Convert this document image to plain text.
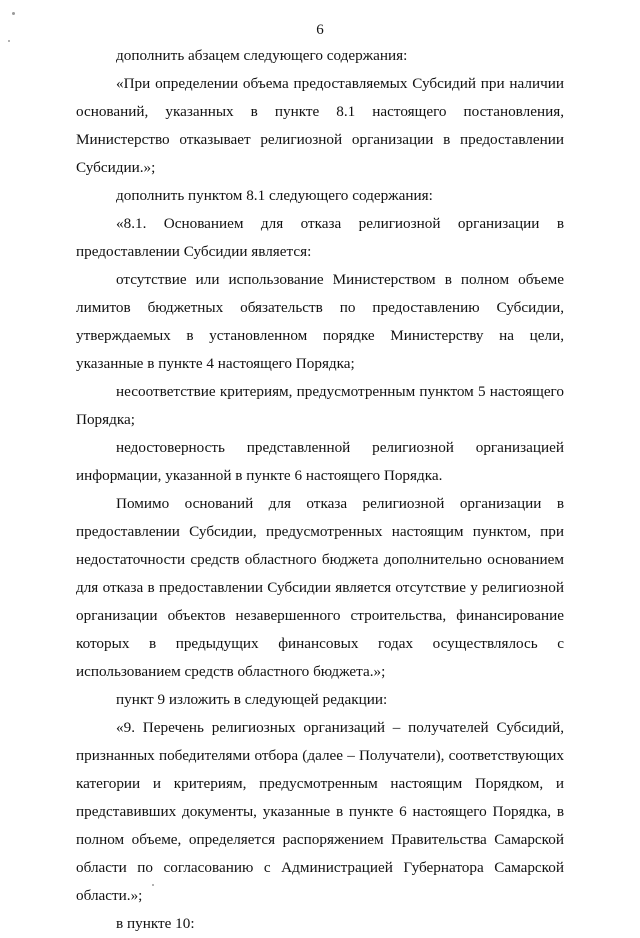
6

дополнить абзацем следующего содержания:

«При определении объема предоставляемых Субсидий при наличии оснований, указанных в пункте 8.1 настоящего постановления, Министерство отказывает религиозной организации в предоставлении Субсидии.»;

дополнить пунктом 8.1 следующего содержания:

«8.1. Основанием для отказа религиозной организации в предоставлении Субсидии является:

отсутствие или использование Министерством в полном объеме лимитов бюджетных обязательств по предоставлению Субсидии, утверждаемых в установленном порядке Министерству на цели, указанные в пункте 4 настоящего Порядка;

несоответствие критериям, предусмотренным пунктом 5 настоящего Порядка;

недостоверность представленной религиозной организацией информации, указанной в пункте 6 настоящего Порядка.

Помимо оснований для отказа религиозной организации в предоставлении Субсидии, предусмотренных настоящим пунктом, при недостаточности средств областного бюджета дополнительно основанием для отказа в предоставлении Субсидии является отсутствие у религиозной организации объектов незавершенного строительства, финансирование которых в предыдущих финансовых годах осуществлялось с использованием средств областного бюджета.»;

пункт 9 изложить в следующей редакции:

«9. Перечень религиозных организаций – получателей Субсидий, признанных победителями отбора (далее – Получатели), соответствующих категории и критериям, предусмотренным настоящим Порядком, и представивших документы, указанные в пункте 6 настоящего Порядка, в полном объеме, определяется распоряжением Правительства Самарской области по согласованию с Администрацией Губернатора Самарской области.»;

в пункте 10:
